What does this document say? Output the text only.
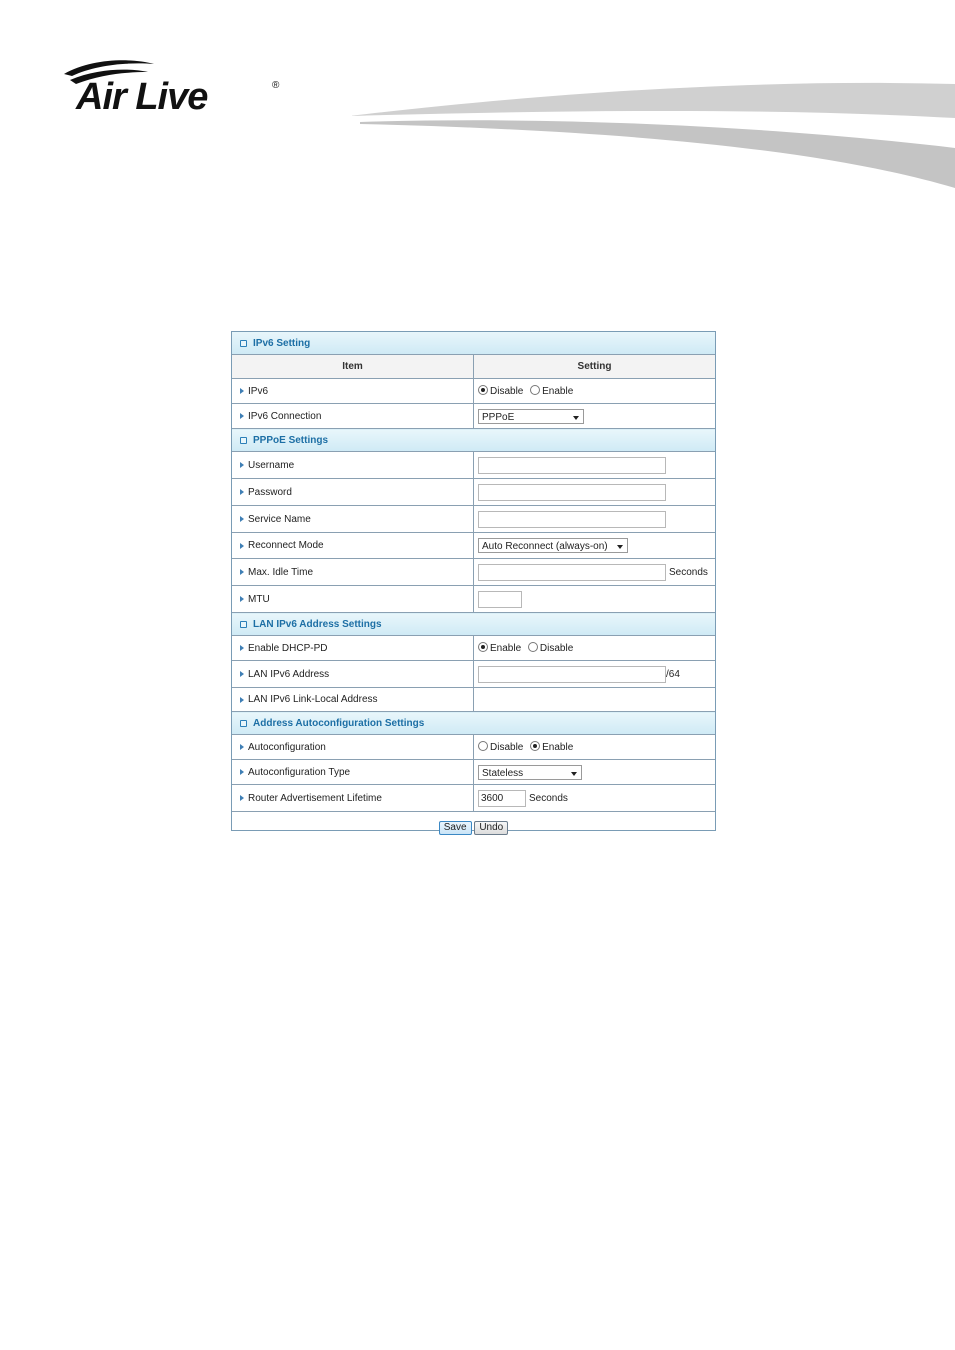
Air Live	®
IPv6 Setting	
Item	Setting
IPv6	Disable Enable
IPv6 Connection	PPPoE

PPPoE Settings	
Username	
Password	
Service Name	
Reconnect Mode	Auto Reconnect (always-on)

Max. Idle Time	Seconds
MTU	
LAN IPv6 Address Settings	
Enable DHCP-PD	Enable Disable
LAN IPv6 Address	/64
LAN IPv6 Link-Local Address	
Address Autoconfiguration Settings	
Autoconfiguration	Disable Enable
Autoconfiguration Type	Stateless

Router Advertisement Lifetime	3600 Seconds
Save Undo	
